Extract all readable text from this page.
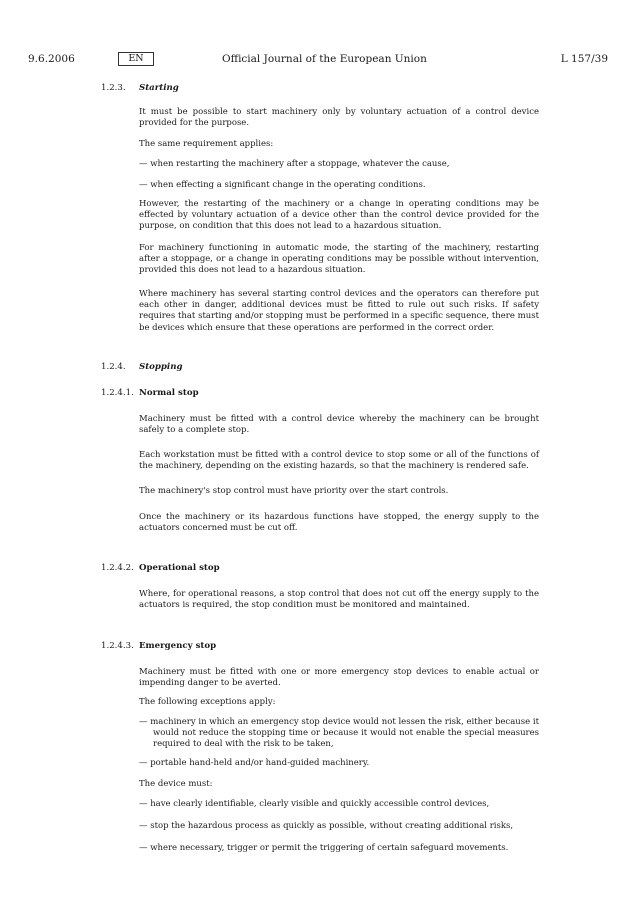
9.6.2006	EN	Official Journal of the European Union	L 157/39
1.2.3. Starting
It must be possible to start machinery only by voluntary actuation of a control device provided for the purpose.
The same requirement applies:
— when restarting the machinery after a stoppage, whatever the cause,
— when effecting a significant change in the operating conditions.
However, the restarting of the machinery or a change in operating conditions may be effected by voluntary actuation of a device other than the control device provided for the purpose, on condition that this does not lead to a hazardous situation.
For machinery functioning in automatic mode, the starting of the machinery, restarting after a stoppage, or a change in operating conditions may be possible without intervention, provided this does not lead to a hazardous situation.
Where machinery has several starting control devices and the operators can therefore put each other in danger, additional devices must be fitted to rule out such risks. If safety requires that starting and/or stopping must be performed in a specific sequence, there must be devices which ensure that these operations are performed in the correct order.
1.2.4. Stopping
1.2.4.1. Normal stop
Machinery must be fitted with a control device whereby the machinery can be brought safely to a complete stop.
Each workstation must be fitted with a control device to stop some or all of the functions of the machinery, depending on the existing hazards, so that the machinery is rendered safe.
The machinery's stop control must have priority over the start controls.
Once the machinery or its hazardous functions have stopped, the energy supply to the actuators concerned must be cut off.
1.2.4.2. Operational stop
Where, for operational reasons, a stop control that does not cut off the energy supply to the actuators is required, the stop condition must be monitored and maintained.
1.2.4.3. Emergency stop
Machinery must be fitted with one or more emergency stop devices to enable actual or impending danger to be averted.
The following exceptions apply:
— machinery in which an emergency stop device would not lessen the risk, either because it would not reduce the stopping time or because it would not enable the special measures required to deal with the risk to be taken,
— portable hand-held and/or hand-guided machinery.
The device must:
— have clearly identifiable, clearly visible and quickly accessible control devices,
— stop the hazardous process as quickly as possible, without creating additional risks,
— where necessary, trigger or permit the triggering of certain safeguard movements.
